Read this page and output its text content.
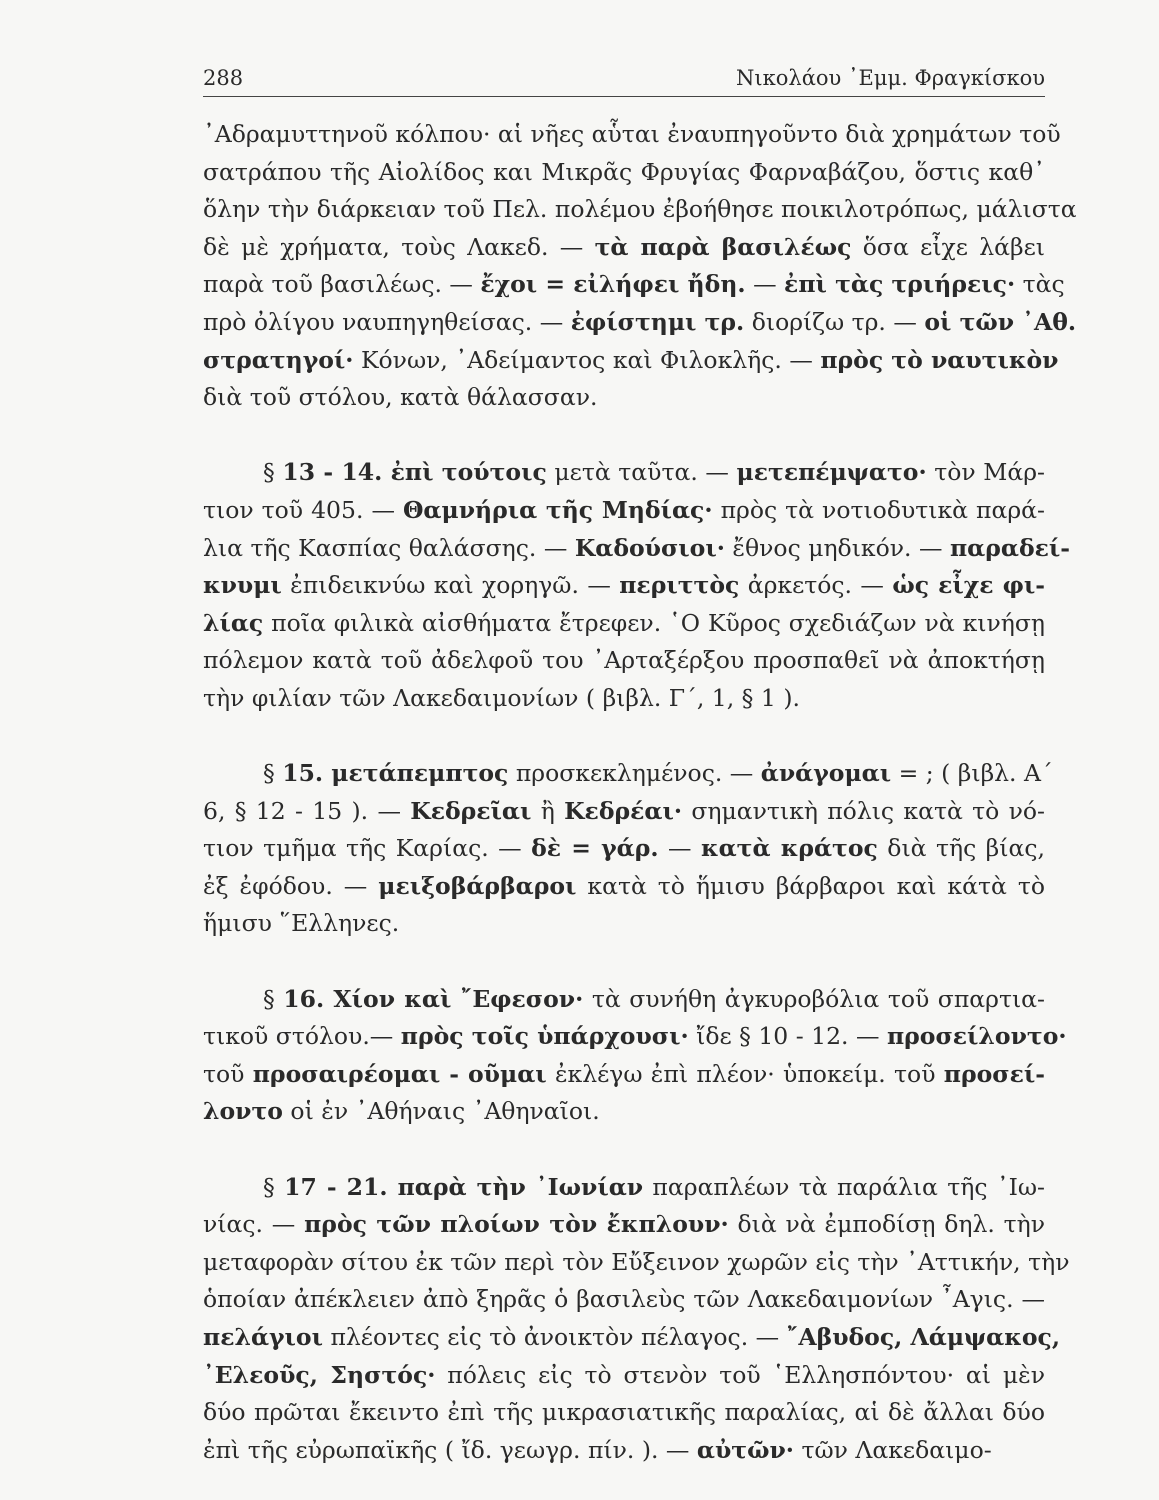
288	Νικολάου ᾿Εμμ. Φραγκίσκου
᾿Αδραμυττηνοῦ κόλπου· αἱ νῆες αὗται ἐναυπηγοῦντο διὰ χρημάτων τοῦ
σατράπου τῆς Αἰολίδος και Μικρᾶς Φρυγίας Φαρναβάζου, ὅστις καθ᾿
ὅλην τὴν διάρκειαν τοῦ Πελ. πολέμου ἐβοήθησε ποικιλοτρόπως, μάλιστα
δὲ μὲ χρήματα, τοὺς Λακεδ. — τὰ παρὰ βασιλέως ὅσα εἶχε λάβει
παρὰ τοῦ βασιλέως. — ἔχοι = εἰλήφει ἤδη. — ἐπὶ τὰς τριήρεις· τὰς
πρὸ ὀλίγου ναυπηγηθείσας. — ἐφίστημι τρ. διορίζω τρ. — οἱ τῶν ᾿Αθ.
στρατηγοί· Κόνων, ᾿Αδείμαντος καὶ Φιλοκλῆς. — πρὸς τὸ ναυτικὸν
διὰ τοῦ στόλου, κατὰ θάλασσαν.
§ 13 - 14. ἐπὶ τούτοις μετὰ ταῦτα. — μετεπέμψατο· τὸν Μάρ-
τιον τοῦ 405. — Θαμνήρια τῆς Μηδίας· πρὸς τὰ νοτιοδυτικὰ παρά-
λια τῆς Κασπίας θαλάσσης. — Καδούσιοι· ἔθνος μηδικόν. — παραδεί-
κνυμι ἐπιδεικνύω καὶ χορηγῶ. — περιττὸς ἀρκετός. — ὡς εἶχε φι-
λίας ποῖα φιλικὰ αἰσθήματα ἔτρεφεν. ῾Ο Κῦρος σχεδιάζων νὰ κινήσῃ
πόλεμον κατὰ τοῦ ἀδελφοῦ του ᾿Αρταξέρξου προσπαθεῖ νὰ ἀποκτήσῃ
τὴν φιλίαν τῶν Λακεδαιμονίων ( βιβλ. Γ΄, 1, § 1 ).
§ 15. μετάπεμπτος προσκεκλημένος. — ἀνάγομαι = ; ( βιβλ. Α΄
6, § 12 - 15 ). — Κεδρεῖαι ἢ Κεδρέαι· σημαντικὴ πόλις κατὰ τὸ νό-
τιον τμῆμα τῆς Καρίας. — δὲ = γάρ. — κατὰ κράτος διὰ τῆς βίας,
ἐξ ἐφόδου. — μειξοβάρβαροι κατὰ τὸ ἥμισυ βάρβαροι καὶ κάτὰ τὸ
ἥμισυ ῞Ελληνες.
§ 16. Χίον καὶ ῎Εφεσον· τὰ συνήθη ἀγκυροβόλια τοῦ σπαρτια-
τικοῦ στόλου.— πρὸς τοῖς ὑπάρχουσι· ἴδε § 10 - 12. — προσείλοντο·
τοῦ προσαιρέομαι - οῦμαι ἐκλέγω ἐπὶ πλέον· ὑποκείμ. τοῦ προσεί-
λοντο οἱ ἐν ᾿Αθήναις ᾿Αθηναῖοι.
§ 17 - 21. παρὰ τὴν ᾿Ιωνίαν παραπλέων τὰ παράλια τῆς ᾿Ιω-
νίας. — πρὸς τῶν πλοίων τὸν ἔκπλουν· διὰ νὰ ἐμποδίσῃ δηλ. τὴν
μεταφορὰν σίτου ἐκ τῶν περὶ τὸν Εὔξεινον χωρῶν εἰς τὴν ᾿Αττικήν, τὴν
ὁποίαν ἀπέκλειεν ἀπὸ ξηρᾶς ὁ βασιλεὺς τῶν Λακεδαιμονίων ῏Αγις. —
πελάγιοι πλέοντες εἰς τὸ ἀνοικτὸν πέλαγος. — ῎Αβυδος, Λάμψακος,
᾿Ελεοῦς, Σηστός· πόλεις εἰς τὸ στενὸν τοῦ ῾Ελλησπόντου· αἱ μὲν
δύο πρῶται ἔκειντο ἐπὶ τῆς μικρασιατικῆς παραλίας, αἱ δὲ ἄλλαι δύο
ἐπὶ τῆς εὐρωπαϊκῆς ( ἴδ. γεωγρ. πίν. ). — αὐτῶν· τῶν Λακεδαιμο-
